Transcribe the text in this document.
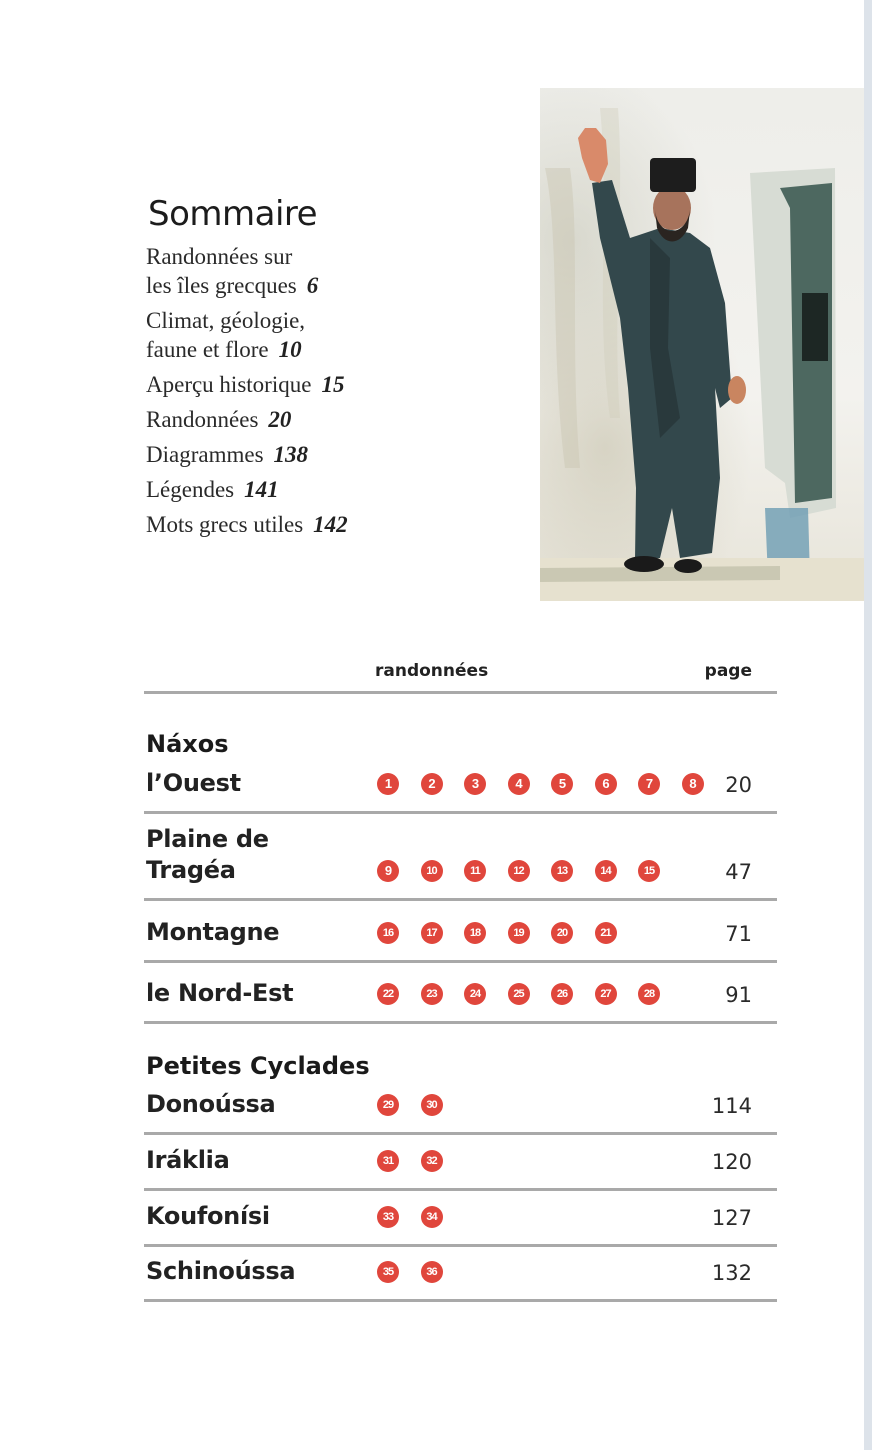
Sommaire
Randonnées sur
les îles grecques 6
Climat, géologie,
faune et flore 10
Aperçu historique 15
Randonnées 20
Diagrammes 138
Légendes 141
Mots grecs utiles 142
randonnées	page
Náxos
l’Ouest	1	2	3	4	5	6	7	8	20
Plaine de
Tragéa	9	10	11	12	13	14	15	47
Montagne	16	17	18	19	20	21	71
le Nord-Est	22	23	24	25	26	27	28	91
Petites Cyclades
Donoússa	29	30	114
Iráklia	31	32	120
Koufonísi	33	34	127
Schinoússa	35	36	132
